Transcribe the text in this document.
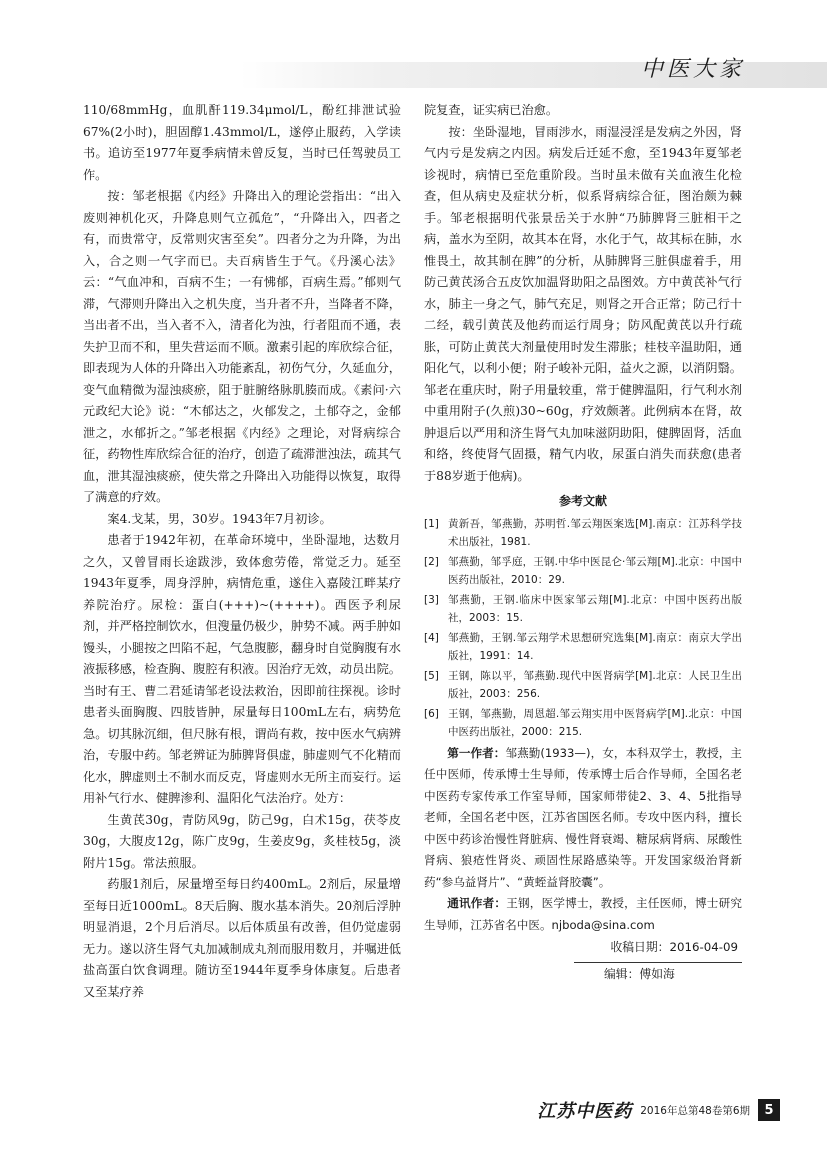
中医大家

110/68mmHg，血肌酐119.34μmol/L，酚红排泄试验67%(2小时)，胆固醇1.43mmol/L，遂停止服药，入学读书。追访至1977年夏季病情未曾反复，当时已任驾驶员工作。

按：邹老根据《内经》升降出入的理论尝指出：“出入废则神机化灭，升降息则气立孤危”，“升降出入，四者之有，而贵常守，反常则灾害至矣”。四者分之为升降，为出入，合之则一气字而已。夫百病皆生于气。《丹溪心法》云：“气血冲和，百病不生；一有怫郁，百病生焉。”郁则气滞，气滞则升降出入之机失度，当升者不升，当降者不降，当出者不出，当入者不入，清者化为浊，行者阻而不通，表失护卫而不和，里失营运而不顺。激素引起的库欣综合征，即表现为人体的升降出入功能紊乱，初伤气分，久延血分，变气血精微为湿浊痰瘀，阻于脏腑络脉肌腠而成。《素问·六元政纪大论》说：“木郁达之，火郁发之，土郁夺之，金郁泄之，水郁折之。”邹老根据《内经》之理论，对肾病综合征，药物性库欣综合征的治疗，创造了疏滞泄浊法，疏其气血，泄其湿浊痰瘀，使失常之升降出入功能得以恢复，取得了满意的疗效。

案4.戈某，男，30岁。1943年7月初诊。

患者于1942年初，在革命环境中，坐卧湿地，达数月之久，又曾冒雨长途跋涉，致体愈劳倦，常觉乏力。延至1943年夏季，周身浮肿，病情危重，遂住入嘉陵江畔某疗养院治疗。尿检：蛋白(+++)~(++++)。西医予利尿剂，并严格控制饮水，但溲量仍极少，肿势不减。两手肿如馒头，小腿按之凹陷不起，气急腹膨，翻身时自觉胸腹有水液振移感，检查胸、腹腔有积液。因治疗无效，动员出院。当时有王、曹二君延请邹老设法救治，因即前往探视。诊时患者头面胸腹、四肢皆肿，尿量每日100mL左右，病势危急。切其脉沉细，但尺脉有根，谓尚有救，按中医水气病辨治，专服中药。邹老辨证为肺脾肾俱虚，肺虚则气不化精而化水，脾虚则土不制水而反克，肾虚则水无所主而妄行。运用补气行水、健脾渗利、温阳化气法治疗。处方：

生黄芪30g，青防风9g，防己9g，白术15g，茯苓皮30g，大腹皮12g，陈广皮9g，生姜皮9g，炙桂枝5g，淡附片15g。常法煎服。

药服1剂后，尿量增至每日约400mL。2剂后，尿量增至每日近1000mL。8天后胸、腹水基本消失。20剂后浮肿明显消退，2个月后消尽。以后体质虽有改善，但仍觉虚弱无力。遂以济生肾气丸加减制成丸剂而服用数月，并嘱进低盐高蛋白饮食调理。随访至1944年夏季身体康复。后患者又至某疗养

院复查，证实病已治愈。

按：坐卧湿地，冒雨涉水，雨湿浸淫是发病之外因，肾气内亏是发病之内因。病发后迁延不愈，至1943年夏邹老诊视时，病情已至危重阶段。当时虽未做有关血液生化检查，但从病史及症状分析，似系肾病综合征，图治颇为棘手。邹老根据明代张景岳关于水肿“乃肺脾肾三脏相干之病，盖水为至阴，故其本在肾，水化于气，故其标在肺，水惟畏土，故其制在脾”的分析，从肺脾肾三脏俱虚着手，用防己黄芪汤合五皮饮加温肾助阳之品图效。方中黄芪补气行水，肺主一身之气，肺气充足，则肾之开合正常；防己行十二经，载引黄芪及他药而运行周身；防风配黄芪以升行疏胀，可防止黄芪大剂量使用时发生滞胀；桂枝辛温助阳，通阳化气，以利小便；附子峻补元阳，益火之源，以消阴翳。邹老在重庆时，附子用量较重，常于健脾温阳，行气利水剂中重用附子(久煎)30~60g，疗效颇著。此例病本在肾，故肿退后以严用和济生肾气丸加味滋阴助阳，健脾固肾，活血和络，终使肾气固摄，精气内收，尿蛋白消失而获愈(患者于88岁逝于他病)。

参考文献
[1] 黄新吾，邹燕勤，苏明哲.邹云翔医案选[M].南京：江苏科学技术出版社，1981.
[2] 邹燕勤，邹孚庭，王钢.中华中医昆仑·邹云翔[M].北京：中国中医药出版社，2010：29.
[3] 邹燕勤，王钢.临床中医家邹云翔[M].北京：中国中医药出版社，2003：15.
[4] 邹燕勤，王钢.邹云翔学术思想研究选集[M].南京：南京大学出版社，1991：14.
[5] 王钢，陈以平，邹燕勤.现代中医肾病学[M].北京：人民卫生出版社，2003：256.
[6] 王钢，邹燕勤，周恩超.邹云翔实用中医肾病学[M].北京：中国中医药出版社，2000：215.

第一作者：邹燕勤(1933—)，女，本科双学士，教授，主任中医师，传承博士生导师，传承博士后合作导师，全国名老中医药专家传承工作室导师，国家师带徒2、3、4、5批指导老师，全国名老中医，江苏省国医名师。专攻中医内科，擅长中医中药诊治慢性肾脏病、慢性肾衰竭、糖尿病肾病、尿酸性肾病、狼疮性肾炎、顽固性尿路感染等。开发国家级治肾新药“参乌益肾片”、“黄蛭益肾胶囊”。

通讯作者：王钢，医学博士，教授，主任医师，博士研究生导师，江苏省名中医。njboda@sina.com

收稿日期：2016-04-09
编辑：傅如海
江苏中医药 2016年总第48卷第6期	5
